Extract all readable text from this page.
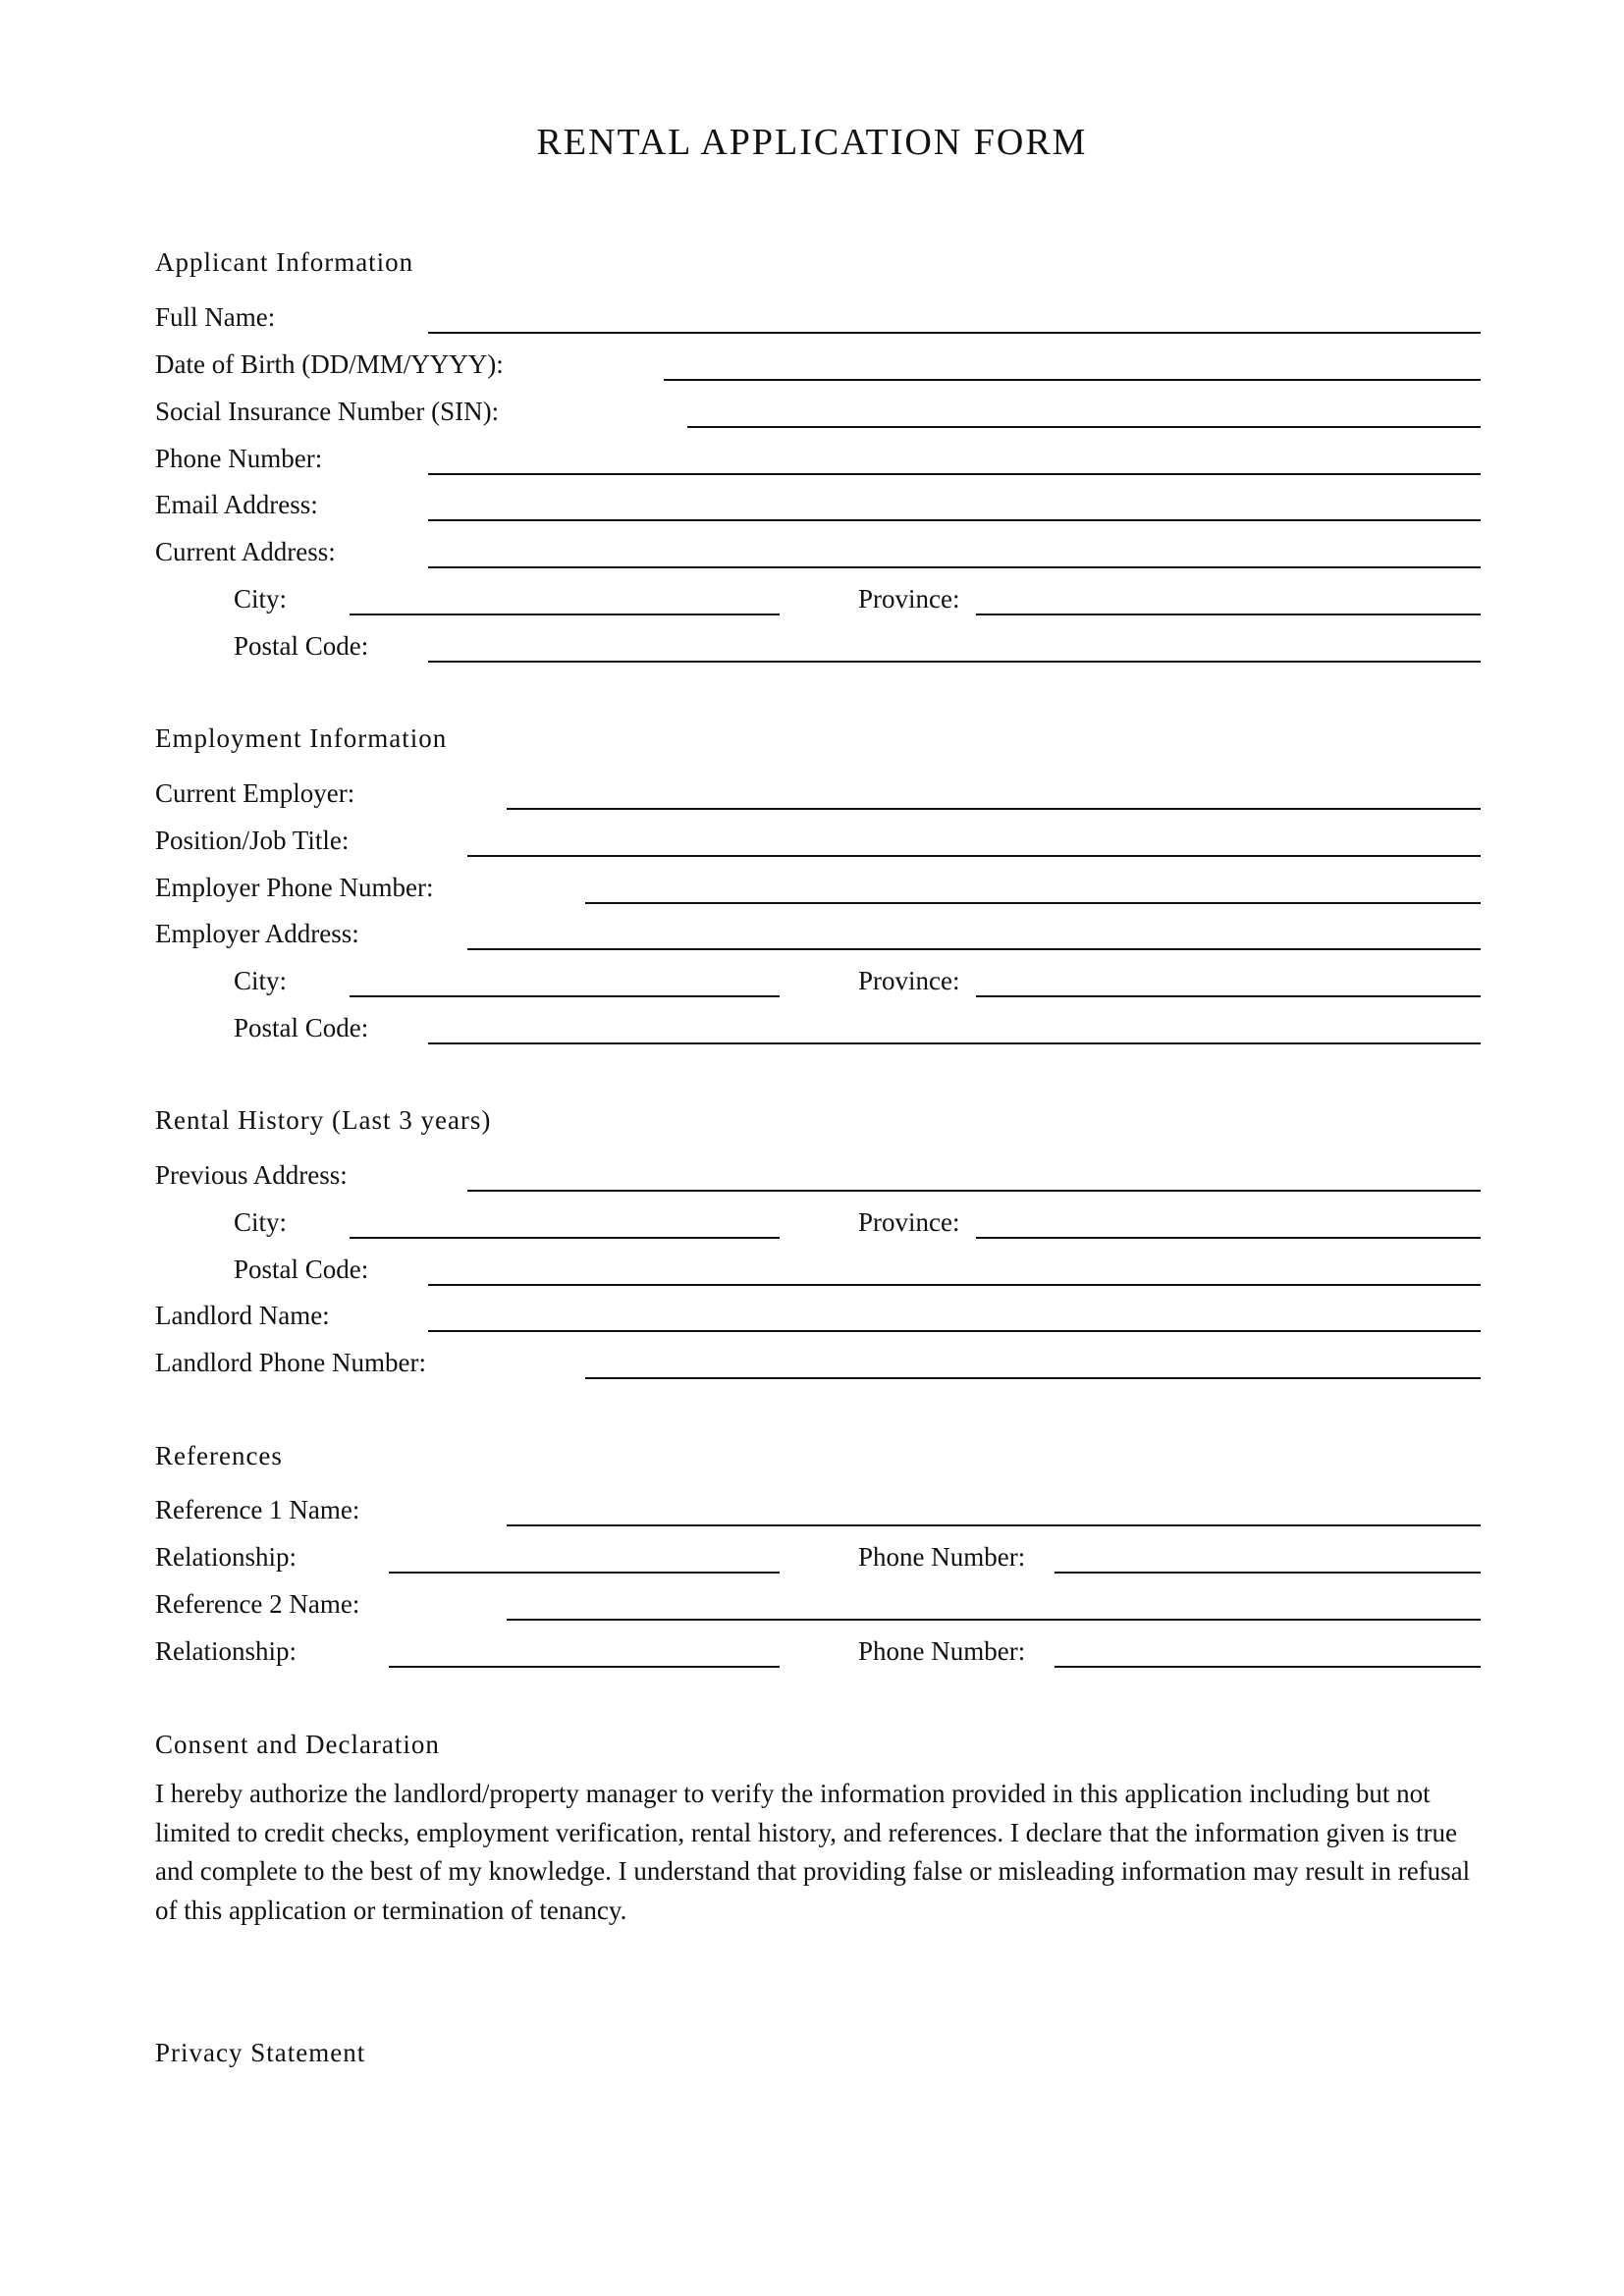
RENTAL APPLICATION FORM
Applicant Information
Full Name:
Date of Birth (DD/MM/YYYY):
Social Insurance Number (SIN):
Phone Number:
Email Address:
Current Address:
City:	Province:
Postal Code:
Employment Information
Current Employer:
Position/Job Title:
Employer Phone Number:
Employer Address:
City:	Province:
Postal Code:
Rental History (Last 3 years)
Previous Address:
City:	Province:
Postal Code:
Landlord Name:
Landlord Phone Number:
References
Reference 1 Name:
Relationship:	Phone Number:
Reference 2 Name:
Relationship:	Phone Number:
Consent and Declaration
I hereby authorize the landlord/property manager to verify the information provided in this application including but not limited to credit checks, employment verification, rental history, and references. I declare that the information given is true and complete to the best of my knowledge. I understand that providing false or misleading information may result in refusal of this application or termination of tenancy.
Privacy Statement
